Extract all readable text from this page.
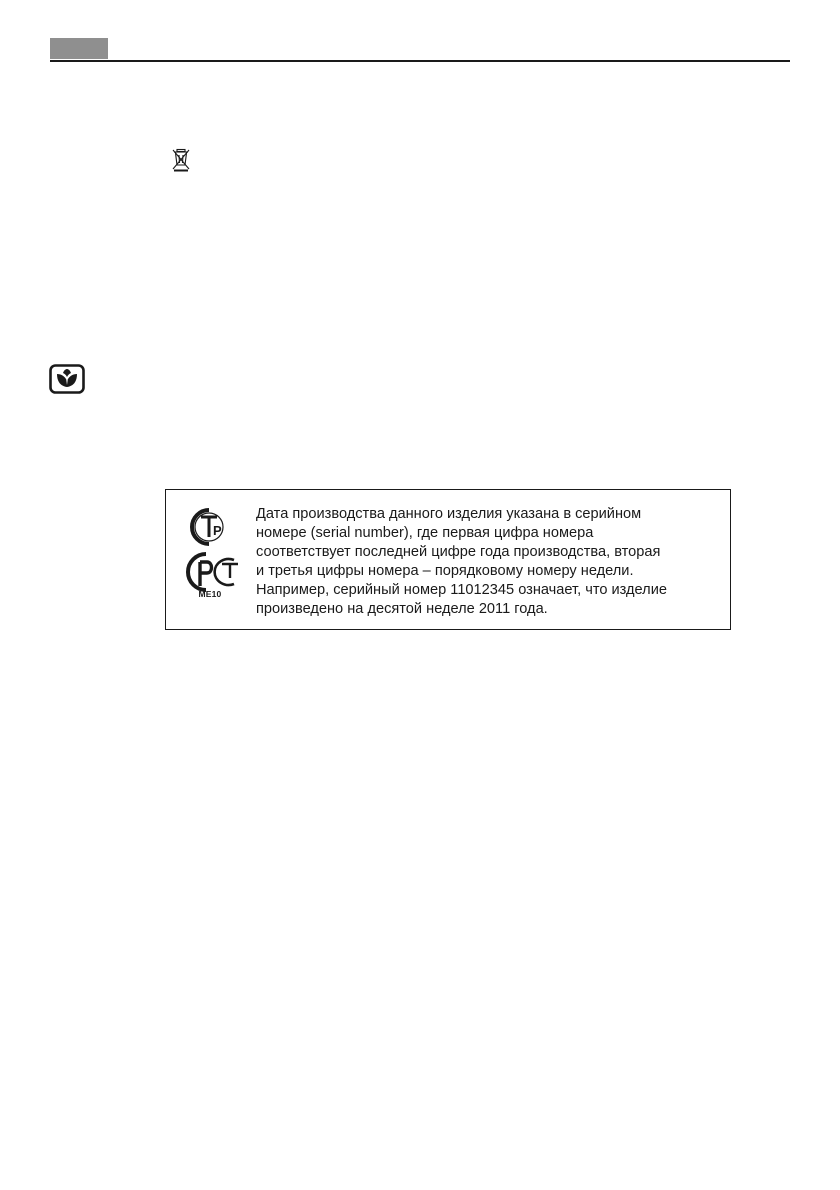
P
ME10

Дата производства данного изделия указана в серийном
номере (serial number), где первая цифра номера
соответствует последней цифре года производства, вторая
и третья цифры номера – порядковому номеру недели.
Например, серийный номер 11012345 означает, что изделие
произведено на десятой неделе 2011 года.
